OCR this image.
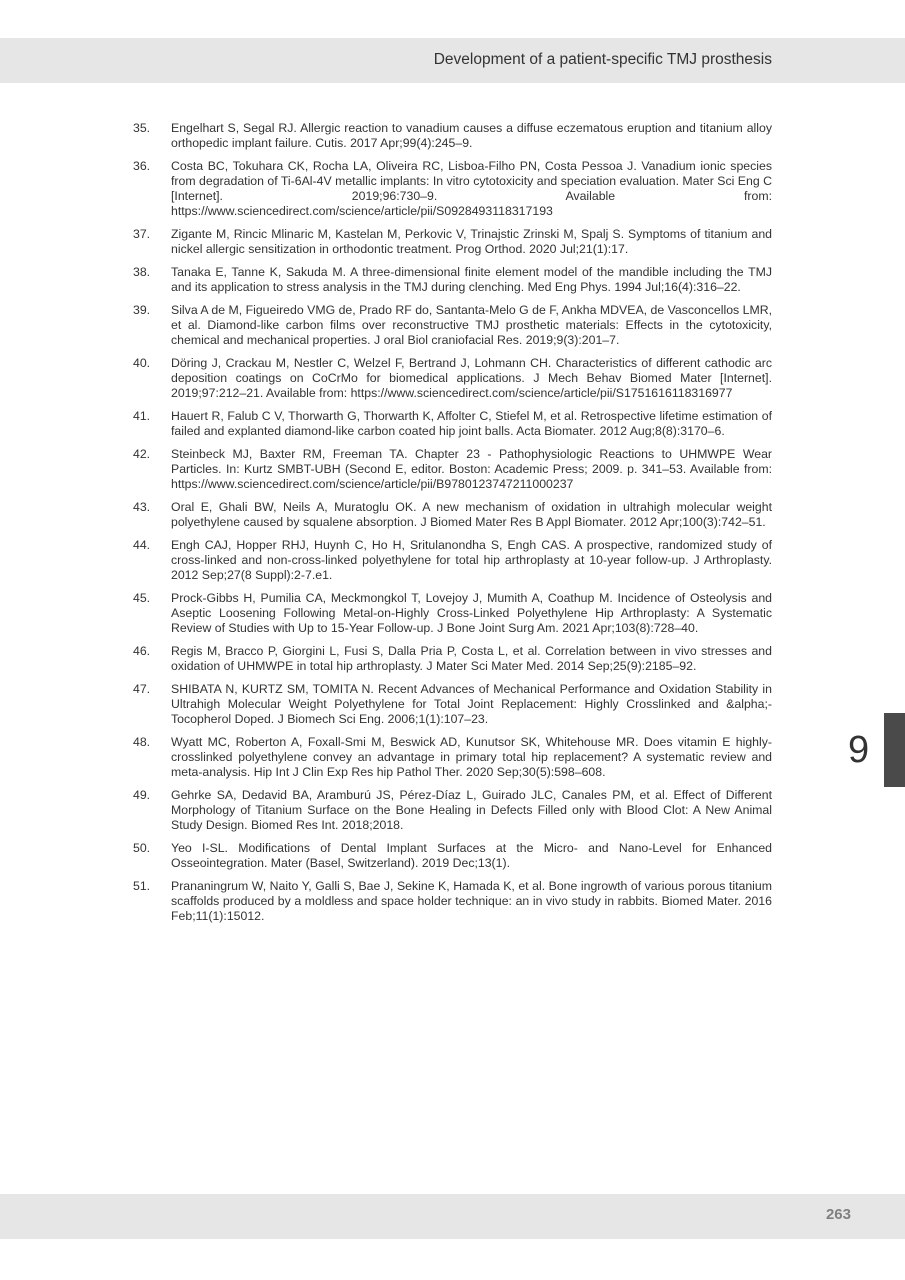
Development of a patient-specific TMJ prosthesis
35. Engelhart S, Segal RJ. Allergic reaction to vanadium causes a diffuse eczematous eruption and titanium alloy orthopedic implant failure. Cutis. 2017 Apr;99(4):245–9.
36. Costa BC, Tokuhara CK, Rocha LA, Oliveira RC, Lisboa-Filho PN, Costa Pessoa J. Vanadium ionic species from degradation of Ti-6Al-4V metallic implants: In vitro cytotoxicity and speciation evaluation. Mater Sci Eng C [Internet]. 2019;96:730–9. Available from: https://www.sciencedirect.com/science/article/pii/S0928493118317193
37. Zigante M, Rincic Mlinaric M, Kastelan M, Perkovic V, Trinajstic Zrinski M, Spalj S. Symptoms of titanium and nickel allergic sensitization in orthodontic treatment. Prog Orthod. 2020 Jul;21(1):17.
38. Tanaka E, Tanne K, Sakuda M. A three-dimensional finite element model of the mandible including the TMJ and its application to stress analysis in the TMJ during clenching. Med Eng Phys. 1994 Jul;16(4):316–22.
39. Silva A de M, Figueiredo VMG de, Prado RF do, Santanta-Melo G de F, Ankha MDVEA, de Vasconcellos LMR, et al. Diamond-like carbon films over reconstructive TMJ prosthetic materials: Effects in the cytotoxicity, chemical and mechanical properties. J oral Biol craniofacial Res. 2019;9(3):201–7.
40. Döring J, Crackau M, Nestler C, Welzel F, Bertrand J, Lohmann CH. Characteristics of different cathodic arc deposition coatings on CoCrMo for biomedical applications. J Mech Behav Biomed Mater [Internet]. 2019;97:212–21. Available from: https://www.sciencedirect.com/science/article/pii/S1751616118316977
41. Hauert R, Falub C V, Thorwarth G, Thorwarth K, Affolter C, Stiefel M, et al. Retrospective lifetime estimation of failed and explanted diamond-like carbon coated hip joint balls. Acta Biomater. 2012 Aug;8(8):3170–6.
42. Steinbeck MJ, Baxter RM, Freeman TA. Chapter 23 - Pathophysiologic Reactions to UHMWPE Wear Particles. In: Kurtz SMBT-UBH (Second E, editor. Boston: Academic Press; 2009. p. 341–53. Available from: https://www.sciencedirect.com/science/article/pii/B9780123747211000237
43. Oral E, Ghali BW, Neils A, Muratoglu OK. A new mechanism of oxidation in ultrahigh molecular weight polyethylene caused by squalene absorption. J Biomed Mater Res B Appl Biomater. 2012 Apr;100(3):742–51.
44. Engh CAJ, Hopper RHJ, Huynh C, Ho H, Sritulanondha S, Engh CAS. A prospective, randomized study of cross-linked and non-cross-linked polyethylene for total hip arthroplasty at 10-year follow-up. J Arthroplasty. 2012 Sep;27(8 Suppl):2-7.e1.
45. Prock-Gibbs H, Pumilia CA, Meckmongkol T, Lovejoy J, Mumith A, Coathup M. Incidence of Osteolysis and Aseptic Loosening Following Metal-on-Highly Cross-Linked Polyethylene Hip Arthroplasty: A Systematic Review of Studies with Up to 15-Year Follow-up. J Bone Joint Surg Am. 2021 Apr;103(8):728–40.
46. Regis M, Bracco P, Giorgini L, Fusi S, Dalla Pria P, Costa L, et al. Correlation between in vivo stresses and oxidation of UHMWPE in total hip arthroplasty. J Mater Sci Mater Med. 2014 Sep;25(9):2185–92.
47. SHIBATA N, KURTZ SM, TOMITA N. Recent Advances of Mechanical Performance and Oxidation Stability in Ultrahigh Molecular Weight Polyethylene for Total Joint Replacement: Highly Crosslinked and &alpha;-Tocopherol Doped. J Biomech Sci Eng. 2006;1(1):107–23.
48. Wyatt MC, Roberton A, Foxall-Smi M, Beswick AD, Kunutsor SK, Whitehouse MR. Does vitamin E highly-crosslinked polyethylene convey an advantage in primary total hip replacement? A systematic review and meta-analysis. Hip Int J Clin Exp Res hip Pathol Ther. 2020 Sep;30(5):598–608.
49. Gehrke SA, Dedavid BA, Aramburú JS, Pérez-Díaz L, Guirado JLC, Canales PM, et al. Effect of Different Morphology of Titanium Surface on the Bone Healing in Defects Filled only with Blood Clot: A New Animal Study Design. Biomed Res Int. 2018;2018.
50. Yeo I-SL. Modifications of Dental Implant Surfaces at the Micro- and Nano-Level for Enhanced Osseointegration. Mater (Basel, Switzerland). 2019 Dec;13(1).
51. Prananingrum W, Naito Y, Galli S, Bae J, Sekine K, Hamada K, et al. Bone ingrowth of various porous titanium scaffolds produced by a moldless and space holder technique: an in vivo study in rabbits. Biomed Mater. 2016 Feb;11(1):15012.
9
263
